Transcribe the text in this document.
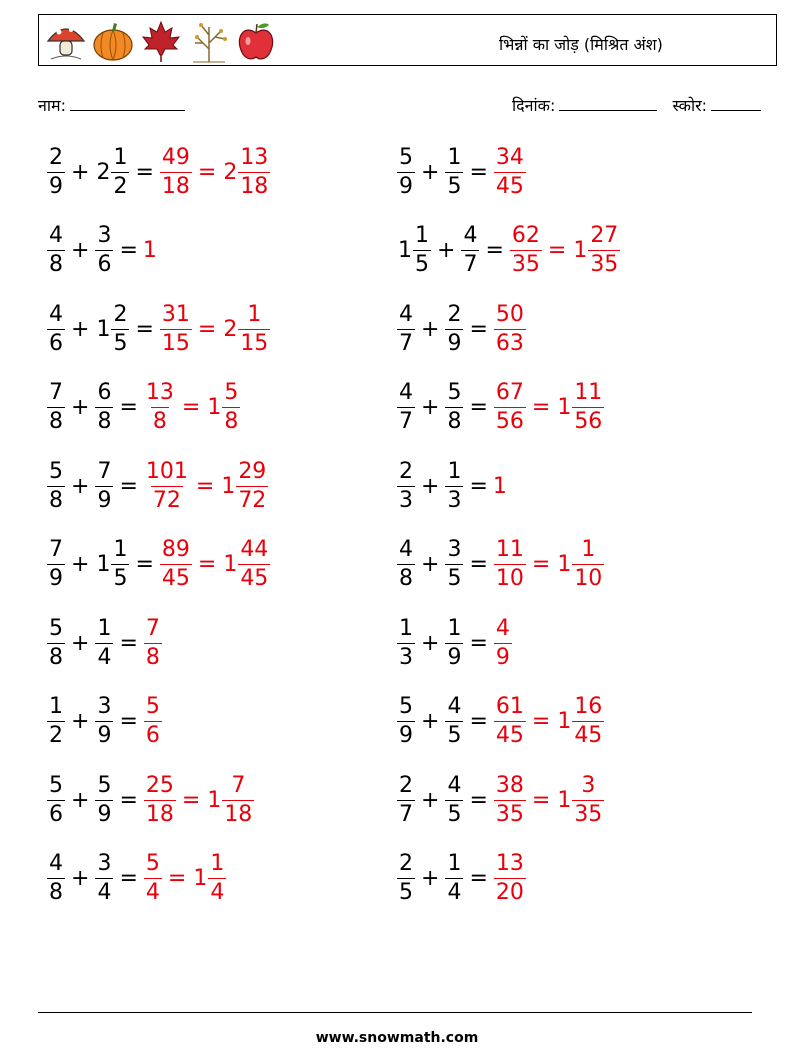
भिन्नों का जोड़ (मिश्रित अंश)
नाम:	दिनांक:	स्कोर:
$\frac{2}{9} + 2 \frac{1}{2} = \frac{49}{18} = 2 \frac{13}{18}$	$\frac{5}{9} + \frac{1}{5} = \frac{34}{45}$
$\frac{4}{8} + \frac{3}{6} = 1$	$1 \frac{1}{5} + \frac{4}{7} = \frac{62}{35} = 1 \frac{27}{35}$
$\frac{4}{6} + 1 \frac{2}{5} = \frac{31}{15} = 2 \frac{1}{15}$	$\frac{4}{7} + \frac{2}{9} = \frac{50}{63}$
$\frac{7}{8} + \frac{6}{8} = \frac{13}{8} = 1 \frac{5}{8}$	$\frac{4}{7} + \frac{5}{8} = \frac{67}{56} = 1 \frac{11}{56}$
$\frac{5}{8} + \frac{7}{9} = \frac{101}{72} = 1 \frac{29}{72}$	$\frac{2}{3} + \frac{1}{3} = 1$
$\frac{7}{9} + 1 \frac{1}{5} = \frac{89}{45} = 1 \frac{44}{45}$	$\frac{4}{8} + \frac{3}{5} = \frac{11}{10} = 1 \frac{1}{10}$
$\frac{5}{8} + \frac{1}{4} = \frac{7}{8}$	$\frac{1}{3} + \frac{1}{9} = \frac{4}{9}$
$\frac{1}{2} + \frac{3}{9} = \frac{5}{6}$	$\frac{5}{9} + \frac{4}{5} = \frac{61}{45} = 1 \frac{16}{45}$
$\frac{5}{6} + \frac{5}{9} = \frac{25}{18} = 1 \frac{7}{18}$	$\frac{2}{7} + \frac{4}{5} = \frac{38}{35} = 1 \frac{3}{35}$
$\frac{4}{8} + \frac{3}{4} = \frac{5}{4} = 1 \frac{1}{4}$	$\frac{2}{5} + \frac{1}{4} = \frac{13}{20}$
www.snowmath.com
